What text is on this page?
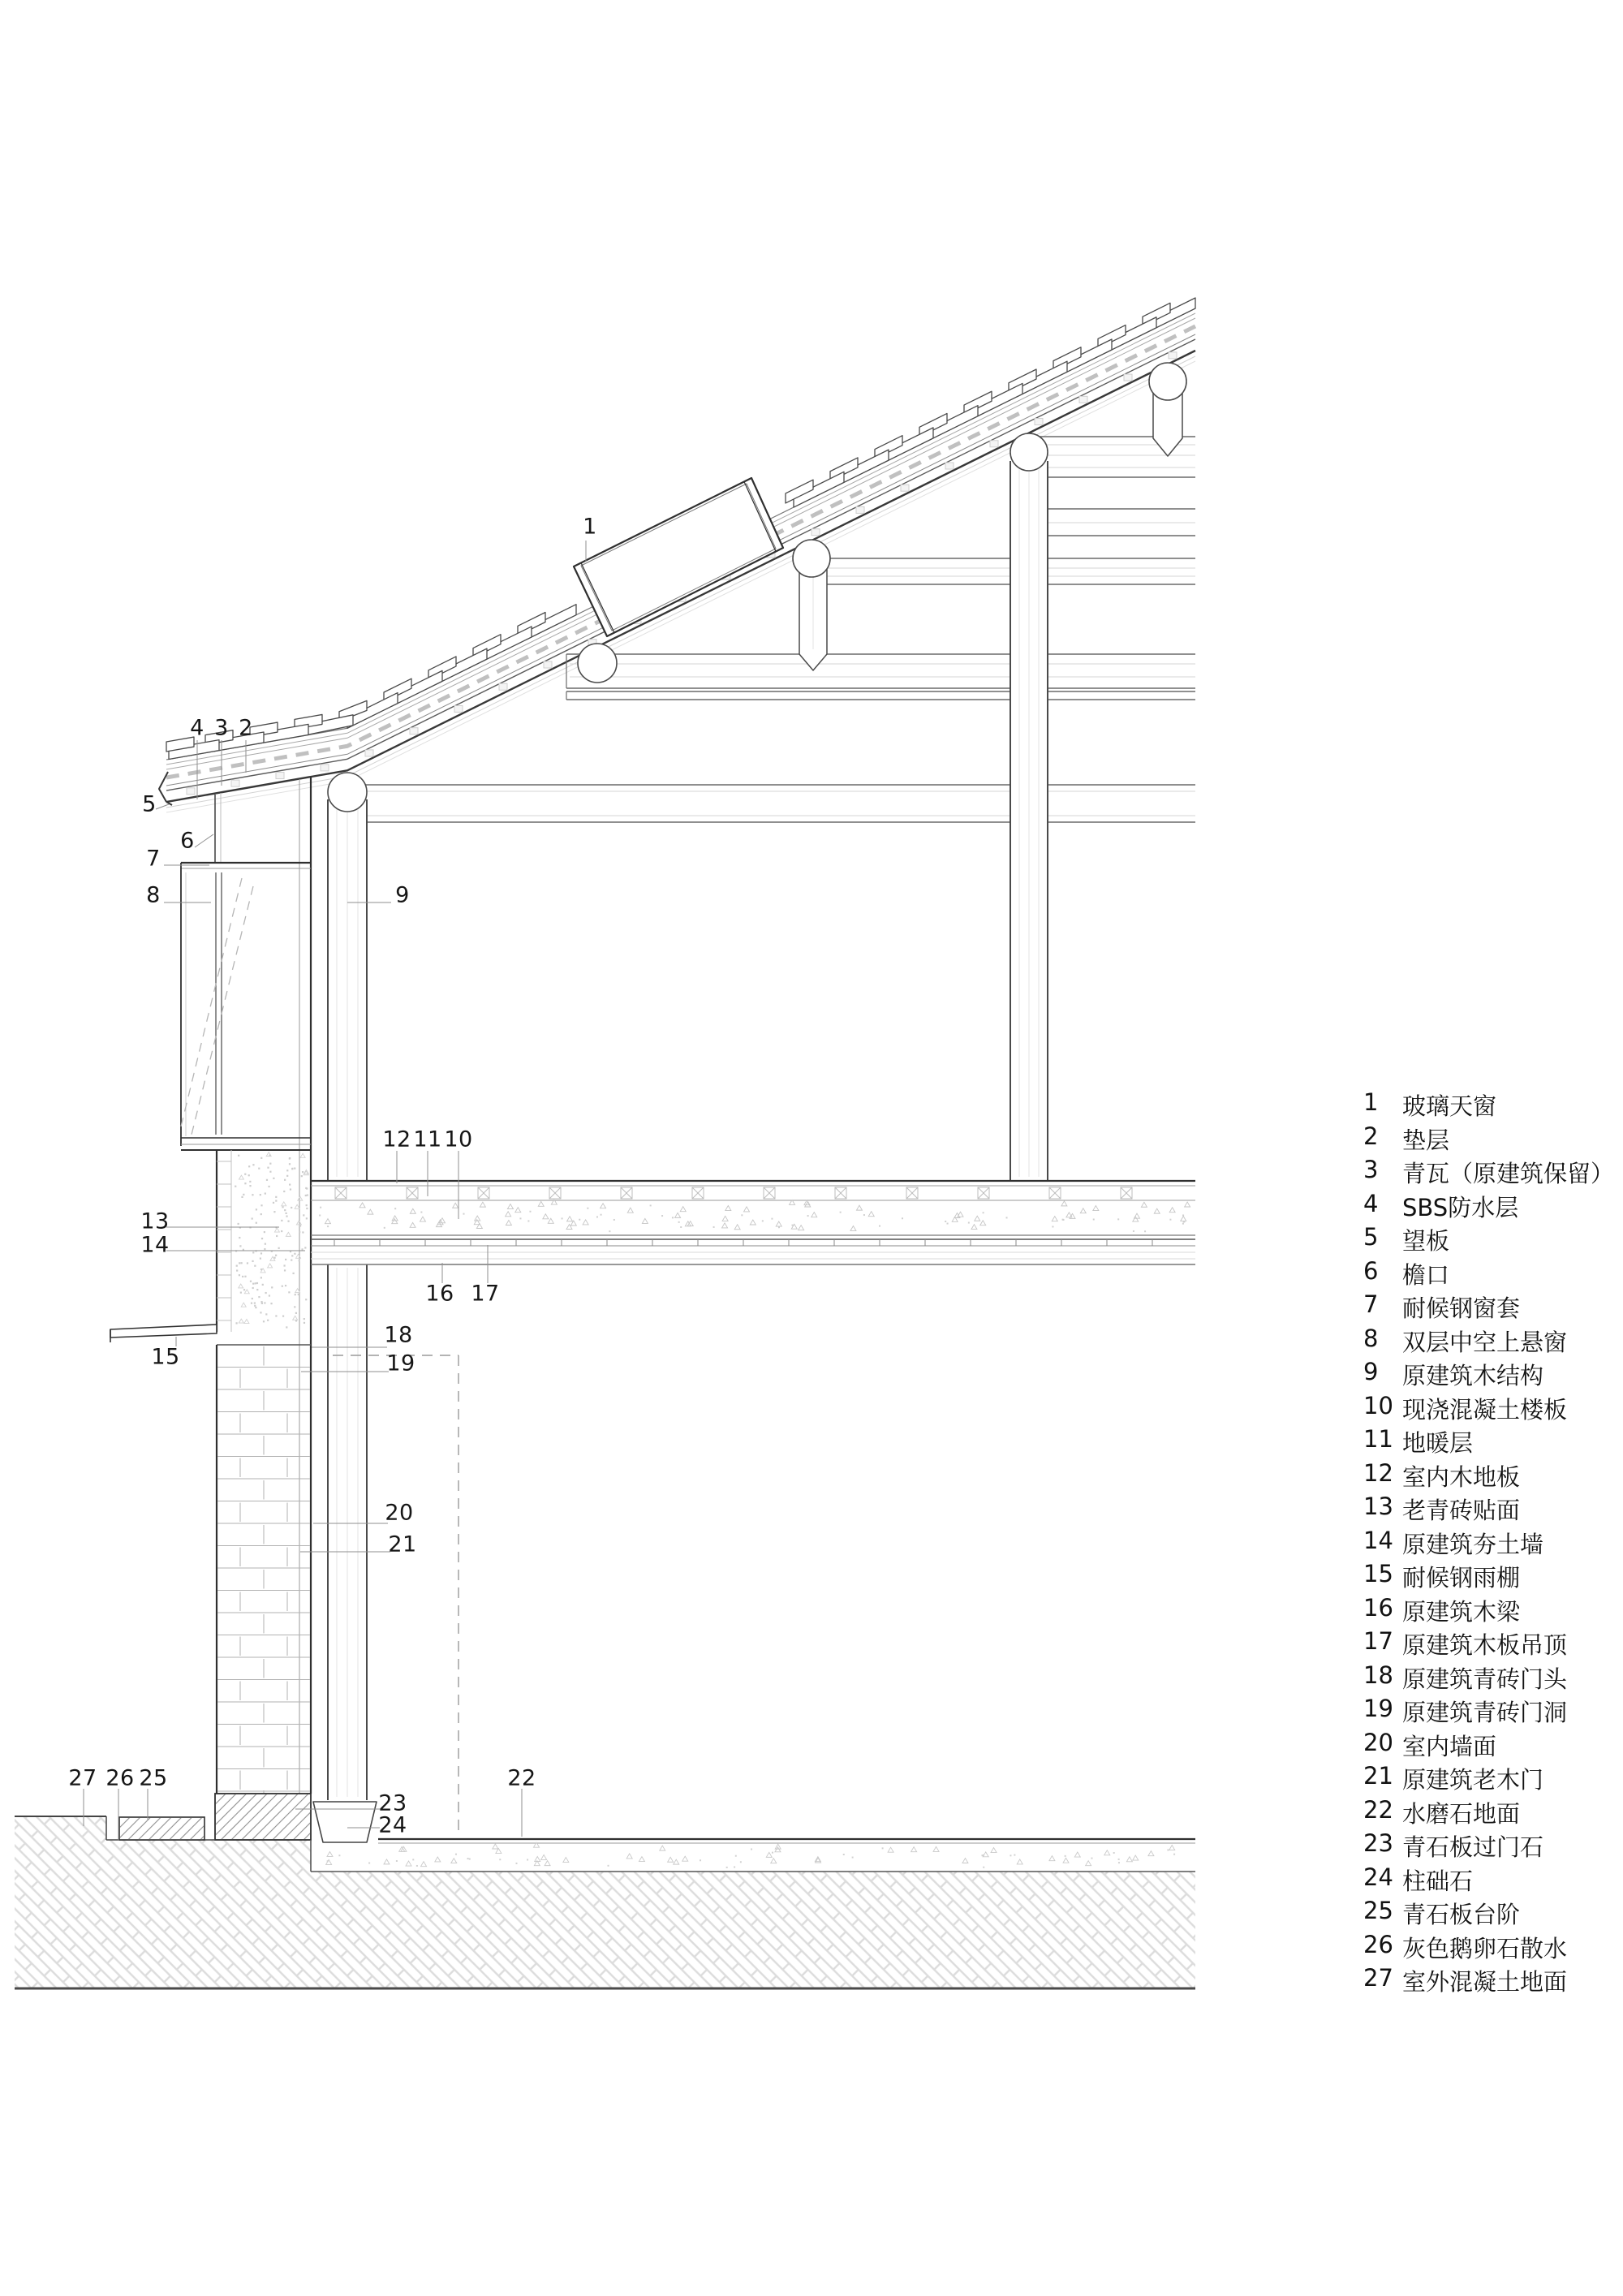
1
2
3
4
5
6
7
8	9
10
11
12
13
14
15
16 17
18
19
20
21
22
23
24
25
26
27
1	玻璃天窗
2	垫层
3	青瓦（原建筑保留）
4	SBS防水层
5	望板
6	檐口
7	耐候钢窗套
8	双层中空上悬窗
9	原建筑木结构
10 现浇混凝土楼板
11 地暖层
12 室内木地板
13 老青砖贴面
14 原建筑夯土墙
15 耐候钢雨棚
16 原建筑木梁
17 原建筑木板吊顶
18 原建筑青砖门头
19 原建筑青砖门洞
20 室内墙面
21 原建筑老木门
22 水磨石地面
23 青石板过门石
24 柱础石
25 青石板台阶
26 灰色鹅卵石散水
27 室外混凝土地面
